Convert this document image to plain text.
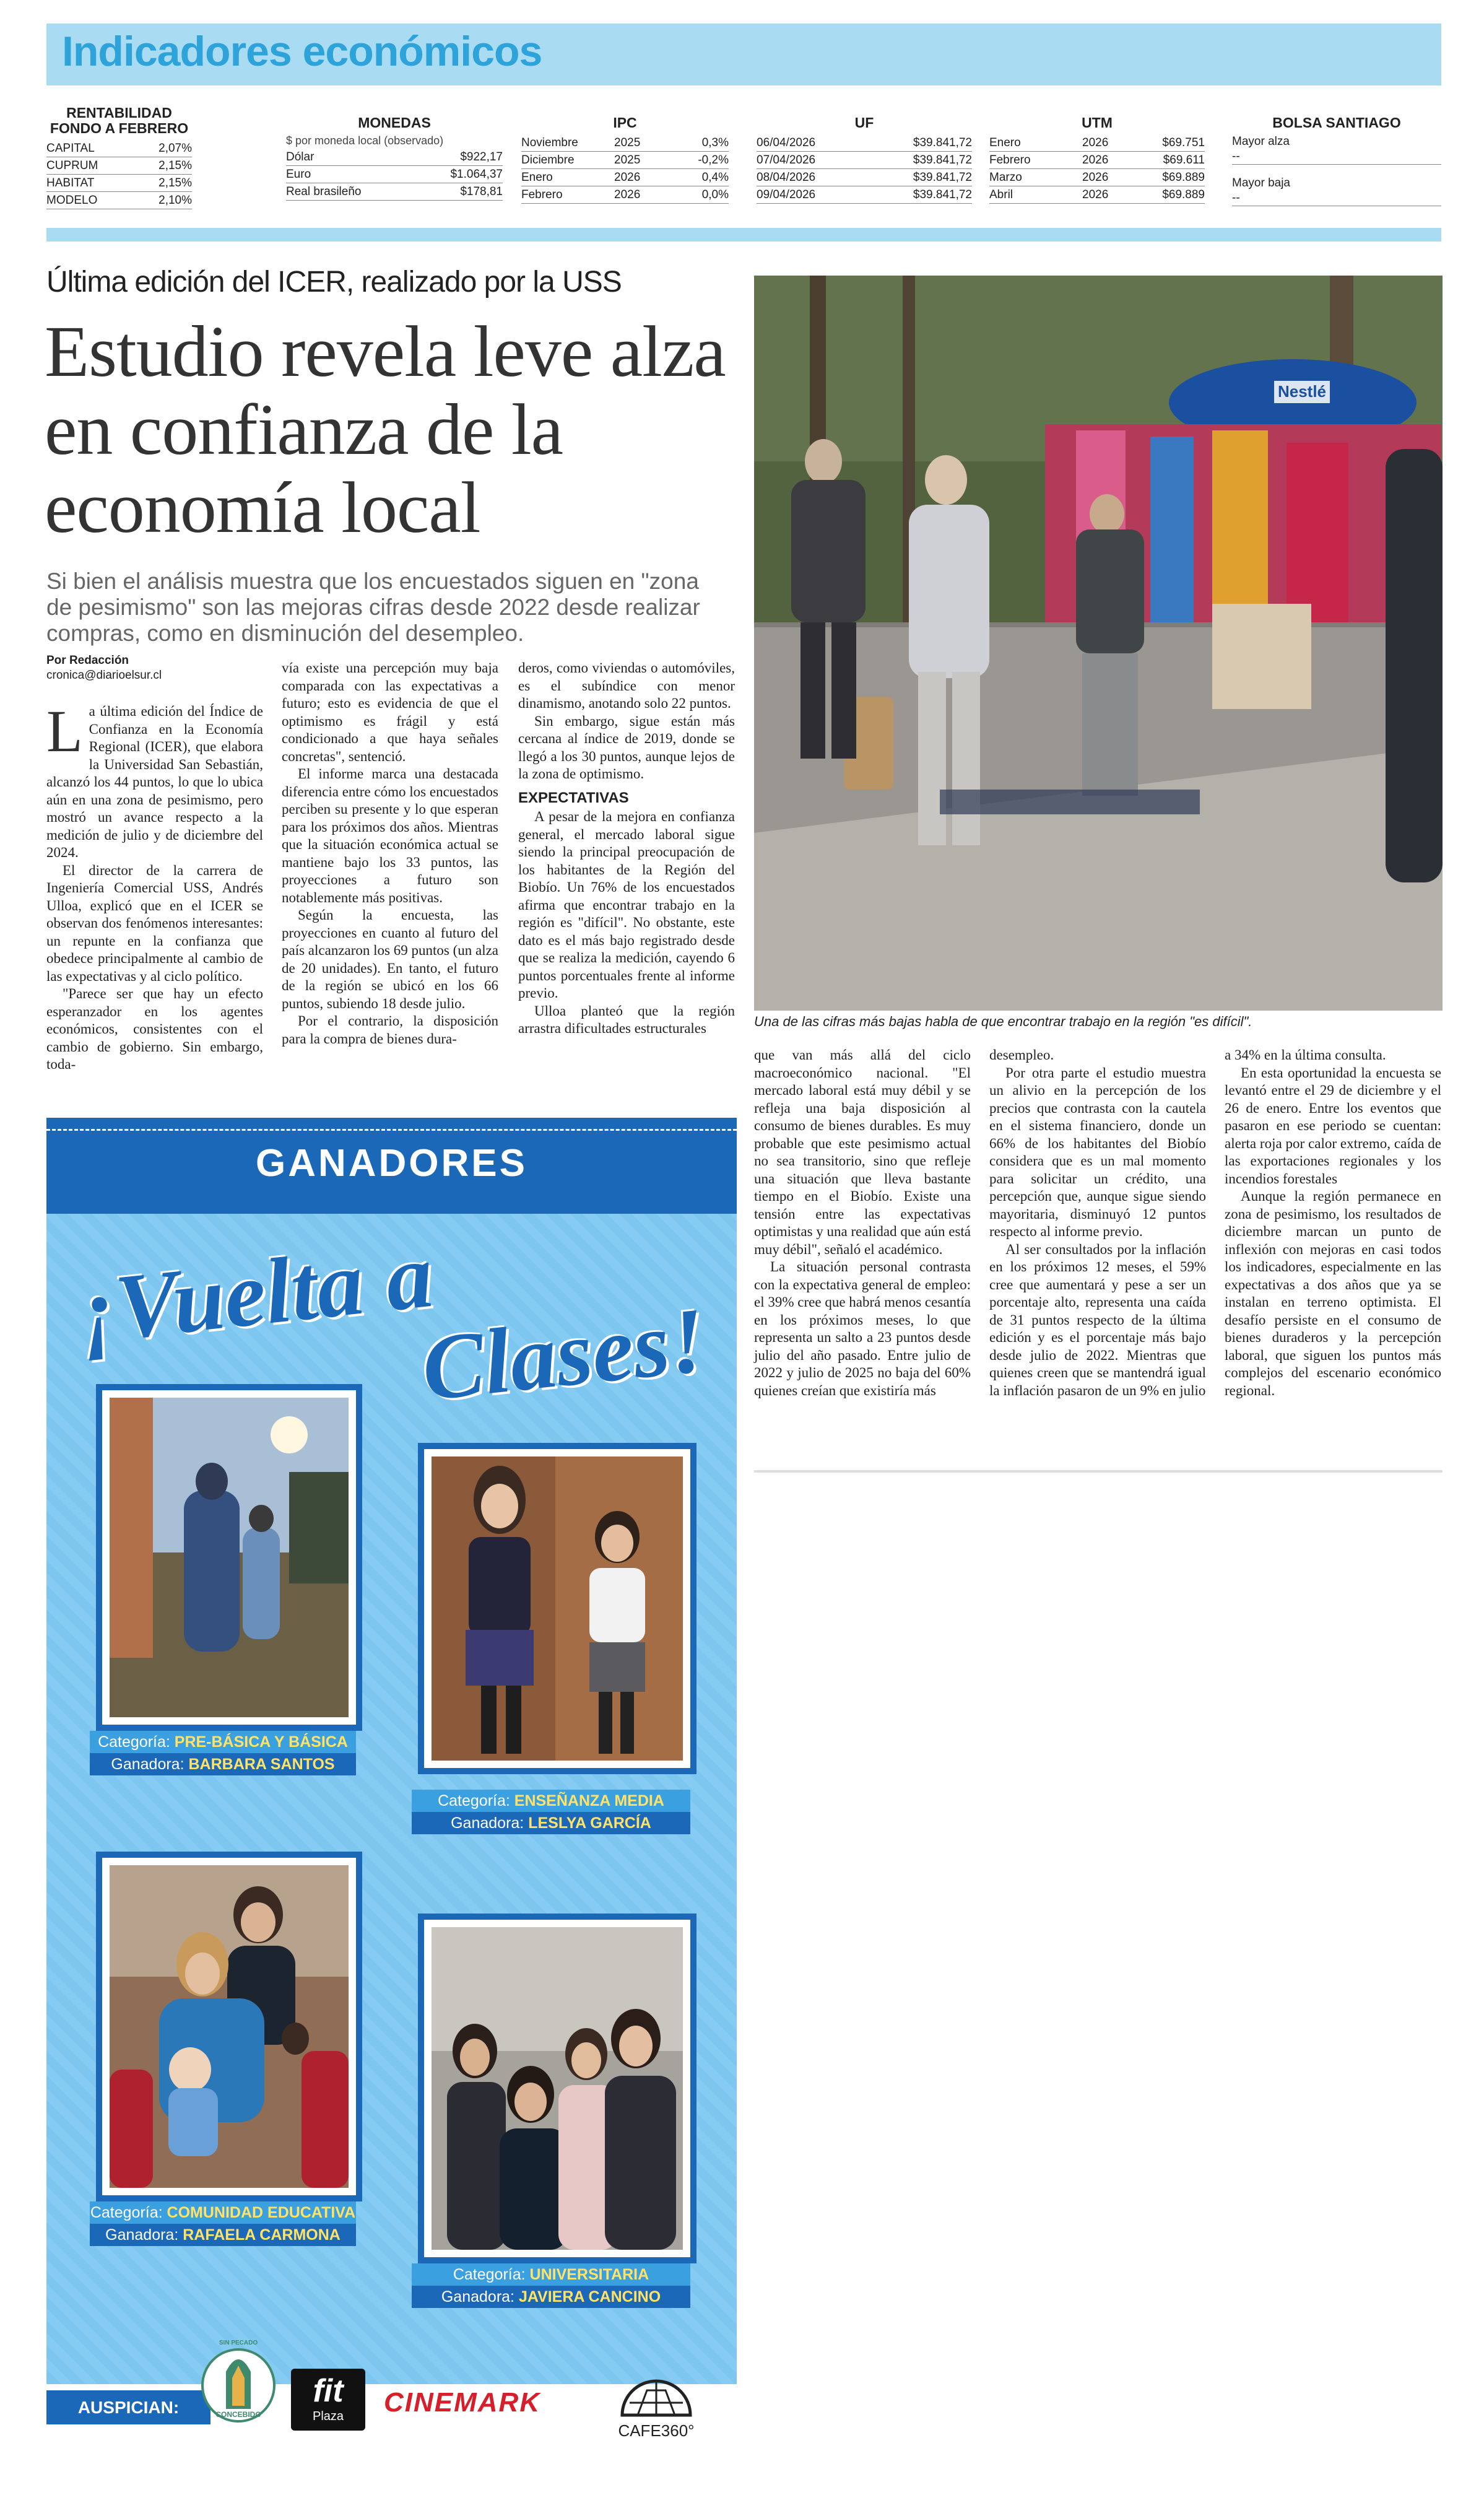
Indicadores económicos
RENTABILIDAD FONDO A FEBRERO
CAPITAL	2,07%
CUPRUM	2,15%
HABITAT	2,15%
MODELO	2,10%
MONEDAS
$ por moneda local (observado)
Dólar	$922,17
Euro	$1.064,37
Real brasileño	$178,81
IPC
Noviembre	2025	0,3%
Diciembre	2025	-0,2%
Enero	2026	0,4%
Febrero	2026	0,0%
UF
06/04/2026	$39.841,72
07/04/2026	$39.841,72
08/04/2026	$39.841,72
09/04/2026	$39.841,72
UTM
Enero	2026	$69.751
Febrero	2026	$69.611
Marzo	2026	$69.889
Abril	2026	$69.889
BOLSA SANTIAGO
Mayor alza
--
Mayor baja
--
Última edición del ICER, realizado por la USS
Estudio revela leve alza en confianza de la economía local
Si bien el análisis muestra que los encuestados siguen en "zona de pesimismo" son las mejoras cifras desde 2022 desde realizar compras, como en disminución del desempleo.
Por Redacción
cronica@diarioelsur.cl

La última edición del Índice de Confianza en la Economía Regional (ICER), que elabora la Universidad San Sebastián, alcanzó los 44 puntos, lo que lo ubica aún en una zona de pesimismo, pero mostró un avance respecto a la medición de julio y de diciembre del 2024.

El director de la carrera de Ingeniería Comercial USS, Andrés Ulloa, explicó que en el ICER se observan dos fenómenos interesantes: un repunte en la confianza que obedece principalmente al cambio de las expectativas y al ciclo político.

"Parece ser que hay un efecto esperanzador en los agentes económicos, consistentes con el cambio de gobierno. Sin embargo, toda-

vía existe una percepción muy baja comparada con las expectativas a futuro; esto es evidencia de que el optimismo es frágil y está condicionado a que haya señales concretas", sentenció.

El informe marca una destacada diferencia entre cómo los encuestados perciben su presente y lo que esperan para los próximos dos años. Mientras que la situación económica actual se mantiene bajo los 33 puntos, las proyecciones a futuro son notablemente más positivas.

Según la encuesta, las proyecciones en cuanto al futuro del país alcanzaron los 69 puntos (un alza de 20 unidades). En tanto, el futuro de la región se ubicó en los 66 puntos, subiendo 18 desde julio.

Por el contrario, la disposición para la compra de bienes dura-

deros, como viviendas o automóviles, es el subíndice con menor dinamismo, anotando solo 22 puntos.

Sin embargo, sigue están más cercana al índice de 2019, donde se llegó a los 30 puntos, aunque lejos de la zona de optimismo.

EXPECTATIVAS

A pesar de la mejora en confianza general, el mercado laboral sigue siendo la principal preocupación de los habitantes de la Región del Biobío. Un 76% de los encuestados afirma que encontrar trabajo en la región es "difícil". No obstante, este dato es el más bajo registrado desde que se realiza la medición, cayendo 6 puntos porcentuales frente al informe previo.

Ulloa planteó que la región arrastra dificultades estructurales

Nestlé
Una de las cifras más bajas habla de que encontrar trabajo en la región "es difícil".

que van más allá del ciclo macroeconómico nacional. "El mercado laboral está muy débil y se refleja una baja disposición al consumo de bienes durables. Es muy probable que este pesimismo actual no sea transitorio, sino que refleje una situación que lleva bastante tiempo en el Biobío. Existe una tensión entre las expectativas optimistas y una realidad que aún está muy débil", señaló el académico.

La situación personal contrasta con la expectativa general de empleo: el 39% cree que habrá menos cesantía en los próximos meses, lo que representa un salto a 23 puntos desde julio del año pasado. Entre julio de 2022 y julio de 2025 no baja del 60% quienes creían que existiría más

desempleo.

Por otra parte el estudio muestra un alivio en la percepción de los precios que contrasta con la cautela en el sistema financiero, donde un 66% de los habitantes del Biobío considera que es un mal momento para solicitar un crédito, una percepción que, aunque sigue siendo mayoritaria, disminuyó 12 puntos respecto al informe previo.

Al ser consultados por la inflación en los próximos 12 meses, el 59% cree que aumentará y pese a ser un porcentaje alto, representa una caída de 31 puntos respecto de la última edición y es el porcentaje más bajo desde julio de 2022. Mientras que quienes creen que se mantendrá igual la inflación pasaron de un 9% en julio

a 34% en la última consulta.

En esta oportunidad la encuesta se levantó entre el 29 de diciembre y el 26 de enero. Entre los eventos que pasaron en ese periodo se cuentan: alerta roja por calor extremo, caída de las exportaciones regionales y los incendios forestales

Aunque la región permanece en zona de pesimismo, los resultados de diciembre marcan un punto de inflexión con mejoras en casi todos los indicadores, especialmente en las expectativas a dos años que ya se instalan en terreno optimista. El desafío persiste en el consumo de bienes duraderos y la percepción laboral, que siguen los puntos más complejos del escenario económico regional.

GANADORES
¡Vuelta a
Clases!
Categoría: PRE-BÁSICA Y BÁSICA
Ganadora: BARBARA SANTOS
Categoría: ENSEÑANZA MEDIA
Ganadora: LESLYA GARCÍA
Categoría: COMUNIDAD EDUCATIVA
Ganadora: RAFAELA CARMONA
Categoría: UNIVERSITARIA
Ganadora: JAVIERA CANCINO
AUSPICIAN:
SIN PECADO
CONCEBIDO
fit
Plaza	CINEMARK
CAFE360°
